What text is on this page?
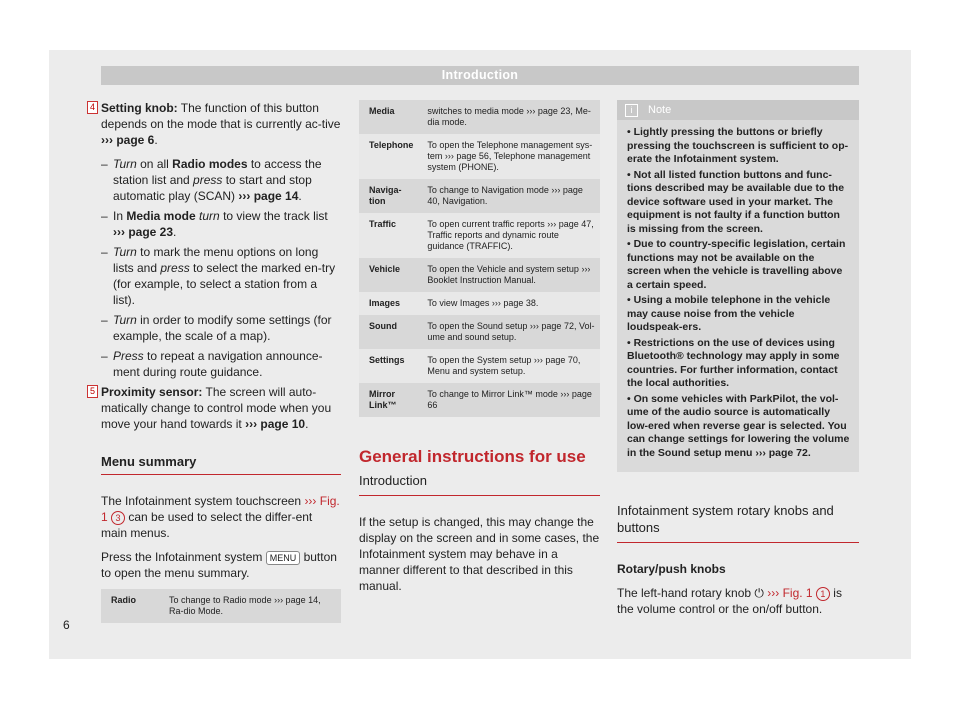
Introduction
4 Setting knob: The function of this button depends on the mode that is currently ac-tive ››› page 6.
– Turn on all Radio modes to access the station list and press to start and stop automatic play (SCAN) ››› page 14.
– In Media mode turn to view the track list ››› page 23.
– Turn to mark the menu options on long lists and press to select the marked en-try (for example, to select a station from a list).
– Turn in order to modify some settings (for example, the scale of a map).
– Press to repeat a navigation announce-ment during route guidance.
5 Proximity sensor: The screen will auto-matically change to control mode when you move your hand towards it ››› page 10.
Menu summary
The Infotainment system touchscreen ››› Fig. 1 3 can be used to select the differ-ent main menus.
Press the Infotainment system MENU button to open the menu summary.
Radio	To change to Radio mode ››› page 14, Ra-dio Mode.
Media	switches to media mode ››› page 23, Me-dia mode.
Telephone	To open the Telephone management sys-tem ››› page 56, Telephone management system (PHONE).
Naviga-tion	To change to Navigation mode ››› page 40, Navigation.
Traffic	To open current traffic reports ››› page 47, Traffic reports and dynamic route guidance (TRAFFIC).
Vehicle	To open the Vehicle and system setup ››› Booklet Instruction Manual.
Images	To view Images ››› page 38.
Sound	To open the Sound setup ››› page 72, Vol-ume and sound setup.
Settings	To open the System setup ››› page 70, Menu and system setup.
Mirror Link™	To change to Mirror Link™ mode ››› page 66
General instructions for use
Introduction
If the setup is changed, this may change the display on the screen and in some cases, the Infotainment system may behave in a manner different to that described in this manual.
i Note
• Lightly pressing the buttons or briefly pressing the touchscreen is sufficient to op-erate the Infotainment system.
• Not all listed function buttons and func-tions described may be available due to the device software used in your market. The equipment is not faulty if a function button is missing from the screen.
• Due to country-specific legislation, certain functions may not be available on the screen when the vehicle is travelling above a certain speed.
• Using a mobile telephone in the vehicle may cause noise from the vehicle loudspeak-ers.
• Restrictions on the use of devices using Bluetooth® technology may apply in some countries. For further information, contact the local authorities.
• On some vehicles with ParkPilot, the vol-ume of the audio source is automatically low-ered when reverse gear is selected. You can change settings for lowering the volume in the Sound setup menu ››› page 72.
Infotainment system rotary knobs and buttons
Rotary/push knobs
The left-hand rotary knob ⏻ ››› Fig. 1 1 is the volume control or the on/off button.
6
